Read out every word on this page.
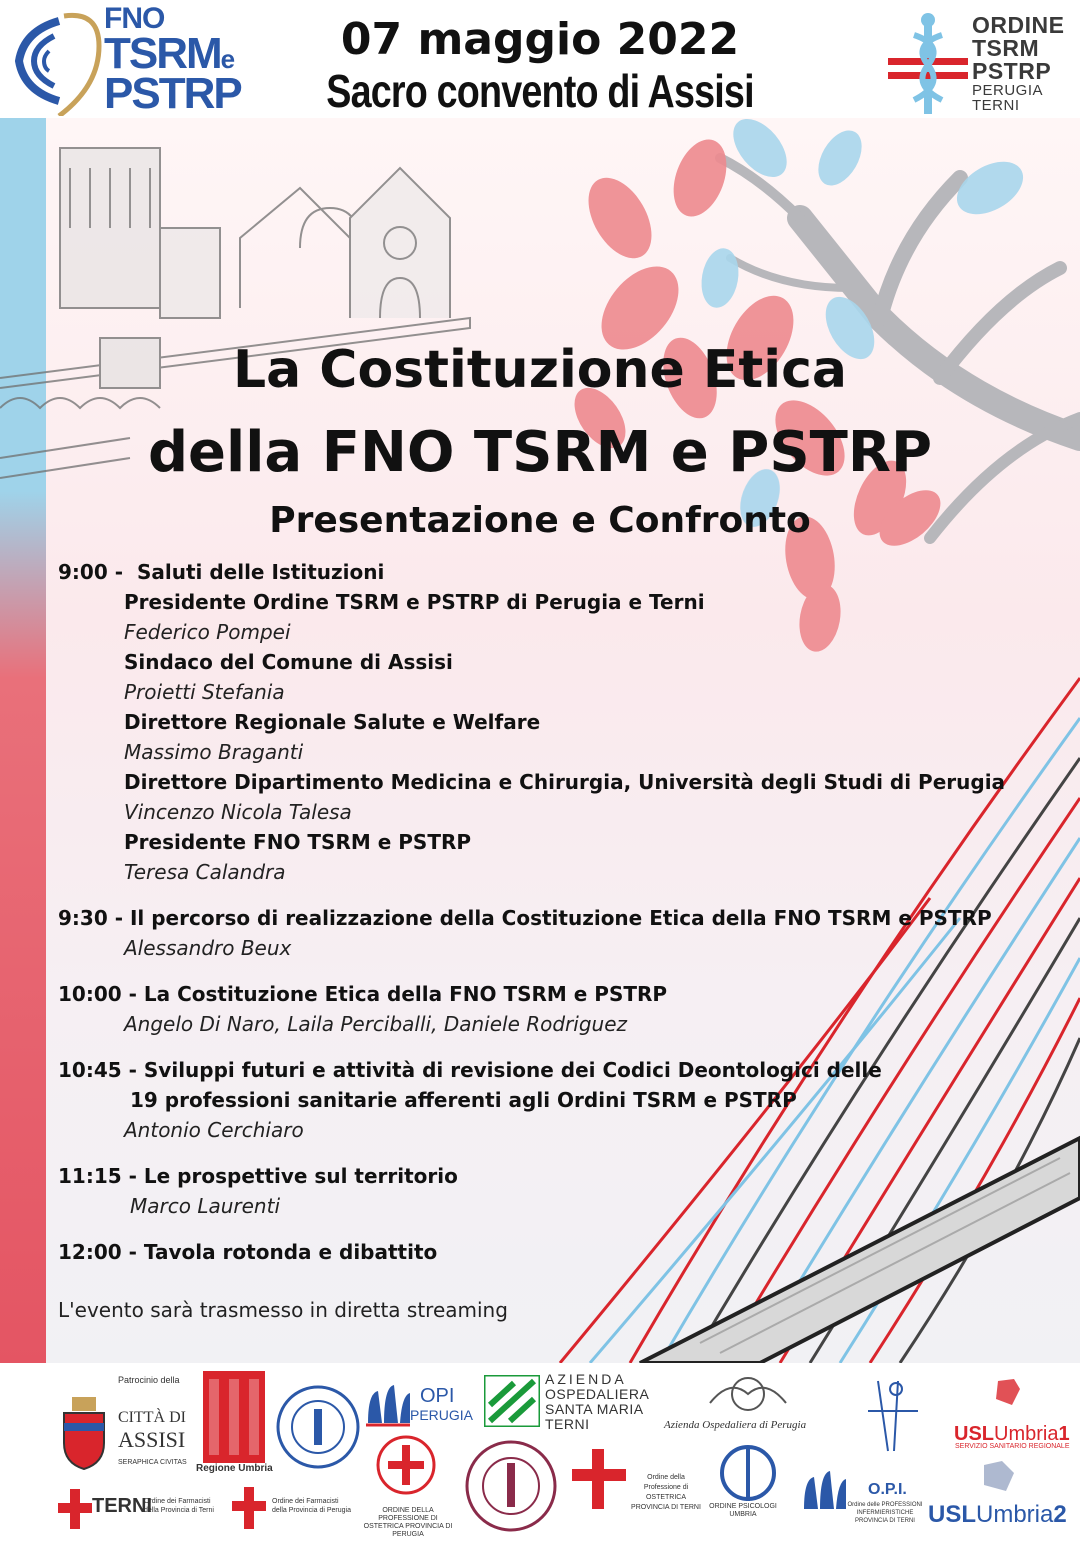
FNO
TSRMe
PSTRP
07 maggio 2022
Sacro convento di Assisi
ORDINE
TSRM
PSTRP
PERUGIA
TERNI
La Costituzione Etica
della FNO TSRM e PSTRP
Presentazione e Confronto
9:00 - Saluti delle Istituzioni
Presidente Ordine TSRM e PSTRP di Perugia e Terni
Federico Pompei
Sindaco del Comune di Assisi
Proietti Stefania
Direttore Regionale Salute e Welfare
Massimo Braganti
Direttore Dipartimento Medicina e Chirurgia, Università degli Studi di Perugia
Vincenzo Nicola Talesa
Presidente FNO TSRM e PSTRP
Teresa Calandra
9:30 - Il percorso di realizzazione della Costituzione Etica della FNO TSRM e PSTRP
Alessandro Beux
10:00 - La Costituzione Etica della FNO TSRM e PSTRP
Angelo Di Naro, Laila Perciballi, Daniele Rodriguez
10:45 - Sviluppi futuri e attività di revisione dei Codici Deontologici delle
19 professioni sanitarie afferenti agli Ordini TSRM e PSTRP
Antonio Cerchiaro
11:15 - Le prospettive sul territorio
Marco Laurenti
12:00 - Tavola rotonda e dibattito
L'evento sarà trasmesso in diretta streaming
Patrocinio della
CITTÀ DI
ASSISI
SERAPHICA CIVITAS
Regione Umbria
OPI
PERUGIA
AZIENDA
OSPEDALIERA
SANTA MARIA
TERNI	Azienda Ospedaliera di Perugia	USLUmbria1
SERVIZIO SANITARIO REGIONALE
TERNI
Ordine dei Farmacisti della Provincia di Terni
Ordine dei Farmacisti della Provincia di Perugia	ORDINE DELLA PROFESSIONE DI OSTETRICA PROVINCIA DI PERUGIA
Ordine della Professione di OSTETRICA PROVINCIA DI TERNI	ORDINE PSICOLOGI UMBRIA
O.P.I.
Ordine delle PROFESSIONI INFERMIERISTICHE PROVINCIA DI TERNI USLUmbria2
